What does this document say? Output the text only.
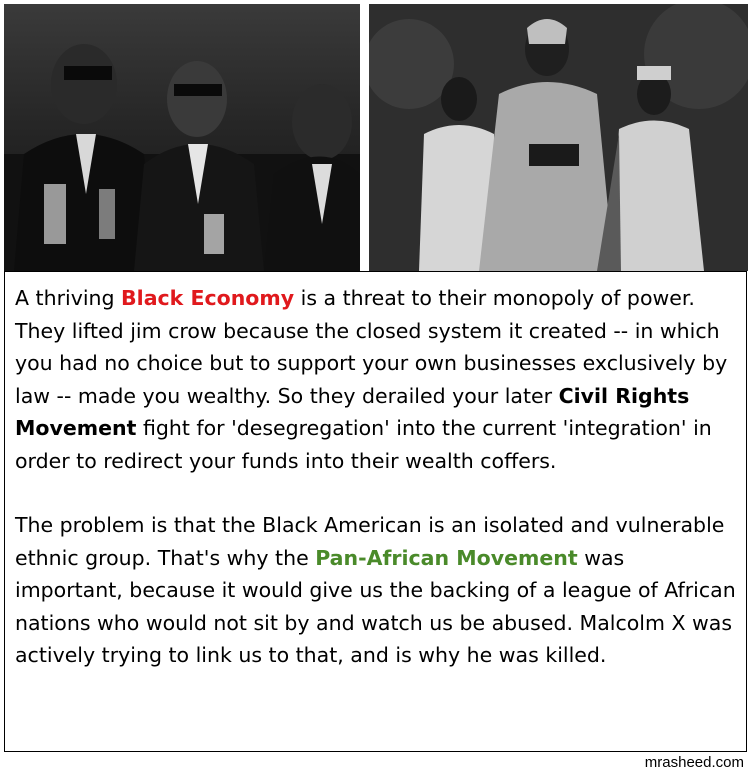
A thriving Black Economy is a threat to their monopoly of power. They lifted jim crow because the closed system it created -- in which you had no choice but to support your own businesses exclusively by law -- made you wealthy. So they derailed your later Civil Rights Movement fight for 'desegregation' into the current 'integration' in order to redirect your funds into their wealth coffers.

The problem is that the Black American is an isolated and vulnerable ethnic group. That's why the Pan-African Movement was important, because it would give us the backing of a league of African nations who would not sit by and watch us be abused. Malcolm X was actively trying to link us to that, and is why he was killed.

mrasheed.com
